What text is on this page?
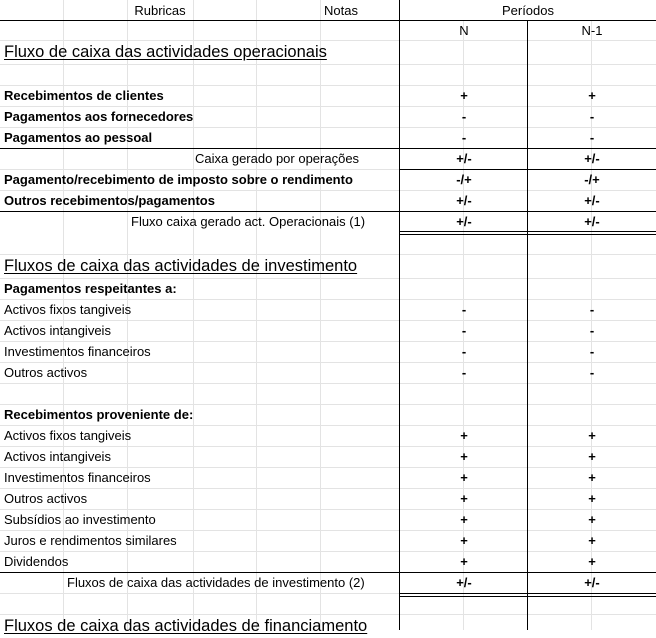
Rubricas	Notas	Períodos
N	N-1
Fluxo de caixa das actividades operacionais
Recebimentos de clientes	+	+
Pagamentos aos fornecedores	-	-
Pagamentos ao pessoal	-	-
Caixa gerado por operações	+/-	+/-
Pagamento/recebimento de imposto sobre o rendimento	-/+	-/+
Outros recebimentos/pagamentos	+/-	+/-
Fluxo caixa gerado act. Operacionais (1)	+/-	+/-
Fluxos de caixa das actividades de investimento
Pagamentos respeitantes a:
Activos fixos tangiveis	-	-
Activos intangiveis	-	-
Investimentos financeiros	-	-
Outros activos	-	-
Recebimentos proveniente de:
Activos fixos tangiveis	+	+
Activos intangiveis	+	+
Investimentos financeiros	+	+
Outros activos	+	+
Subsídios ao investimento	+	+
Juros e rendimentos similares	+	+
Dividendos	+	+
Fluxos de caixa das actividades de investimento (2)	+/-	+/-
Fluxos de caixa das actividades de financiamento
